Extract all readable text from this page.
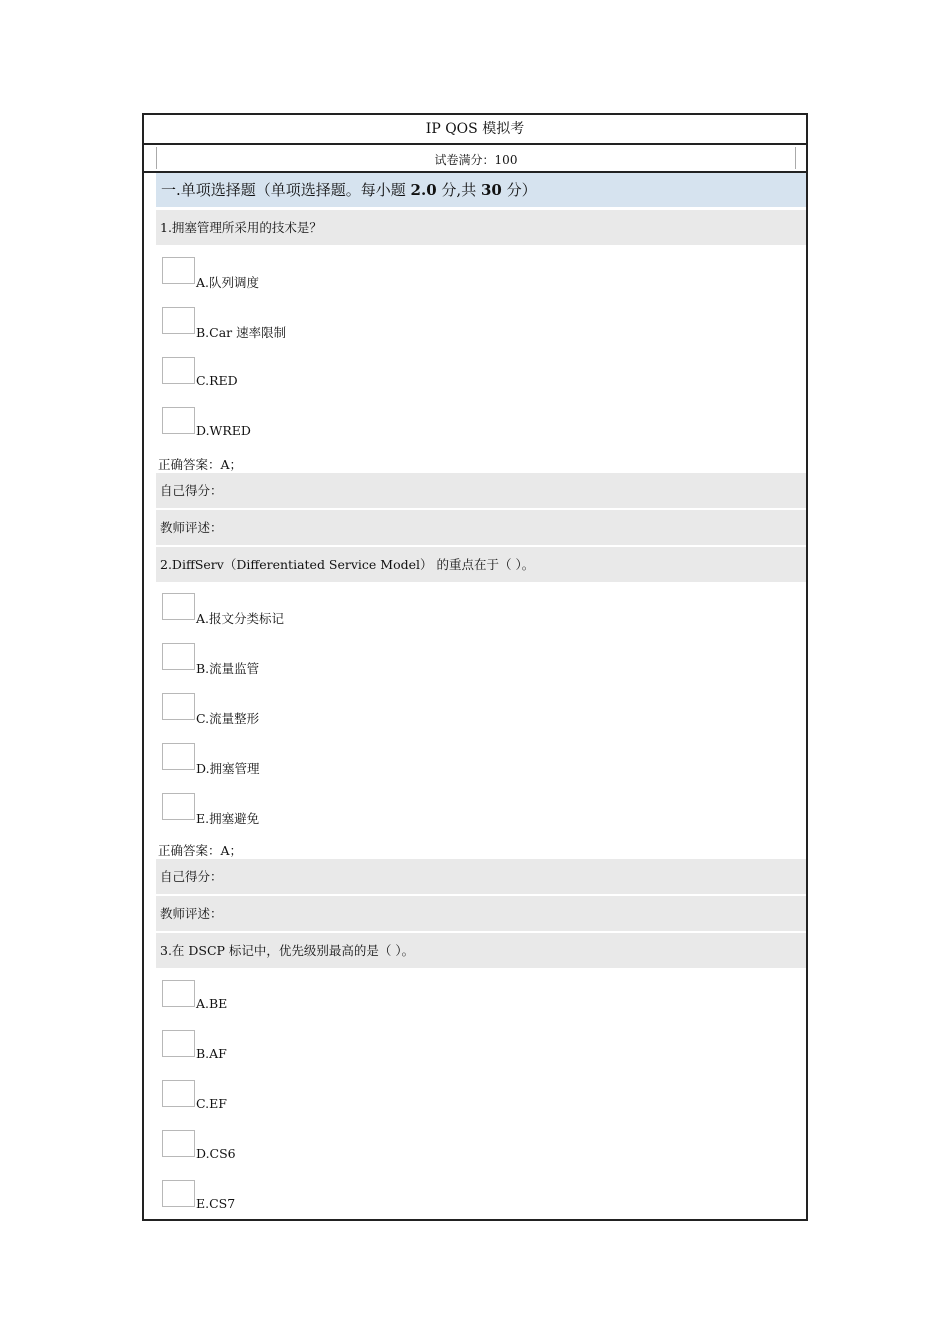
IP QOS 模拟考
试卷满分：100
一.单项选择题（单项选择题。每小题 2.0 分,共 30 分）
1.拥塞管理所采用的技术是？
A.队列调度
B.Car 速率限制
C.RED
D.WRED
正确答案：A；
自己得分：
教师评述：
2.DiffServ（Differentiated Service Model） 的重点在于（ ）。
A.报文分类标记
B.流量监管
C.流量整形
D.拥塞管理
E.拥塞避免
正确答案：A；
自己得分：
教师评述：
3.在 DSCP 标记中，优先级别最高的是（ ）。
A.BE
B.AF
C.EF
D.CS6
E.CS7
